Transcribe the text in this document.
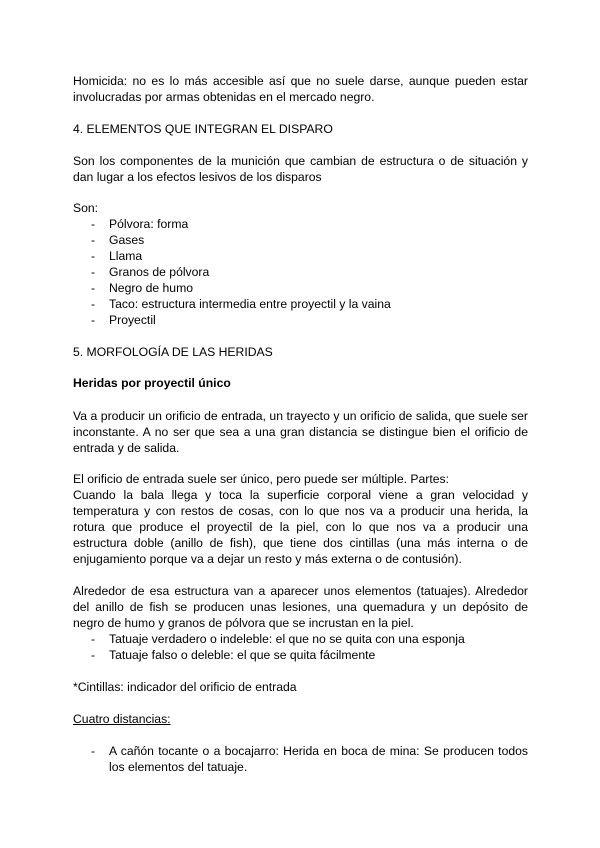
Homicida: no es lo más accesible así que no suele darse, aunque pueden estar involucradas por armas obtenidas en el mercado negro.

4. ELEMENTOS QUE INTEGRAN EL DISPARO

Son los componentes de la munición que cambian de estructura o de situación y dan lugar a los efectos lesivos de los disparos

Son:

- Pólvora: forma
- Gases
- Llama
- Granos de pólvora
- Negro de humo
- Taco: estructura intermedia entre proyectil y la vaina
- Proyectil

5. MORFOLOGÍA DE LAS HERIDAS

Heridas por proyectil único

Va a producir un orificio de entrada, un trayecto y un orificio de salida, que suele ser inconstante. A no ser que sea a una gran distancia se distingue bien el orificio de entrada y de salida.

El orificio de entrada suele ser único, pero puede ser múltiple. Partes:
Cuando la bala llega y toca la superficie corporal viene a gran velocidad y temperatura y con restos de cosas, con lo que nos va a producir una herida, la rotura que produce el proyectil de la piel, con lo que nos va a producir una estructura doble (anillo de fish), que tiene dos cintillas (una más interna o de enjugamiento porque va a dejar un resto y más externa o de contusión).

Alrededor de esa estructura van a aparecer unos elementos (tatuajes). Alrededor del anillo de fish se producen unas lesiones, una quemadura y un depósito de negro de humo y granos de pólvora que se incrustan en la piel.

- Tatuaje verdadero o indeleble: el que no se quita con una esponja
- Tatuaje falso o deleble: el que se quita fácilmente

*Cintillas: indicador del orificio de entrada

Cuatro distancias:

- A cañón tocante o a bocajarro: Herida en boca de mina: Se producen todos los elementos del tatuaje.
